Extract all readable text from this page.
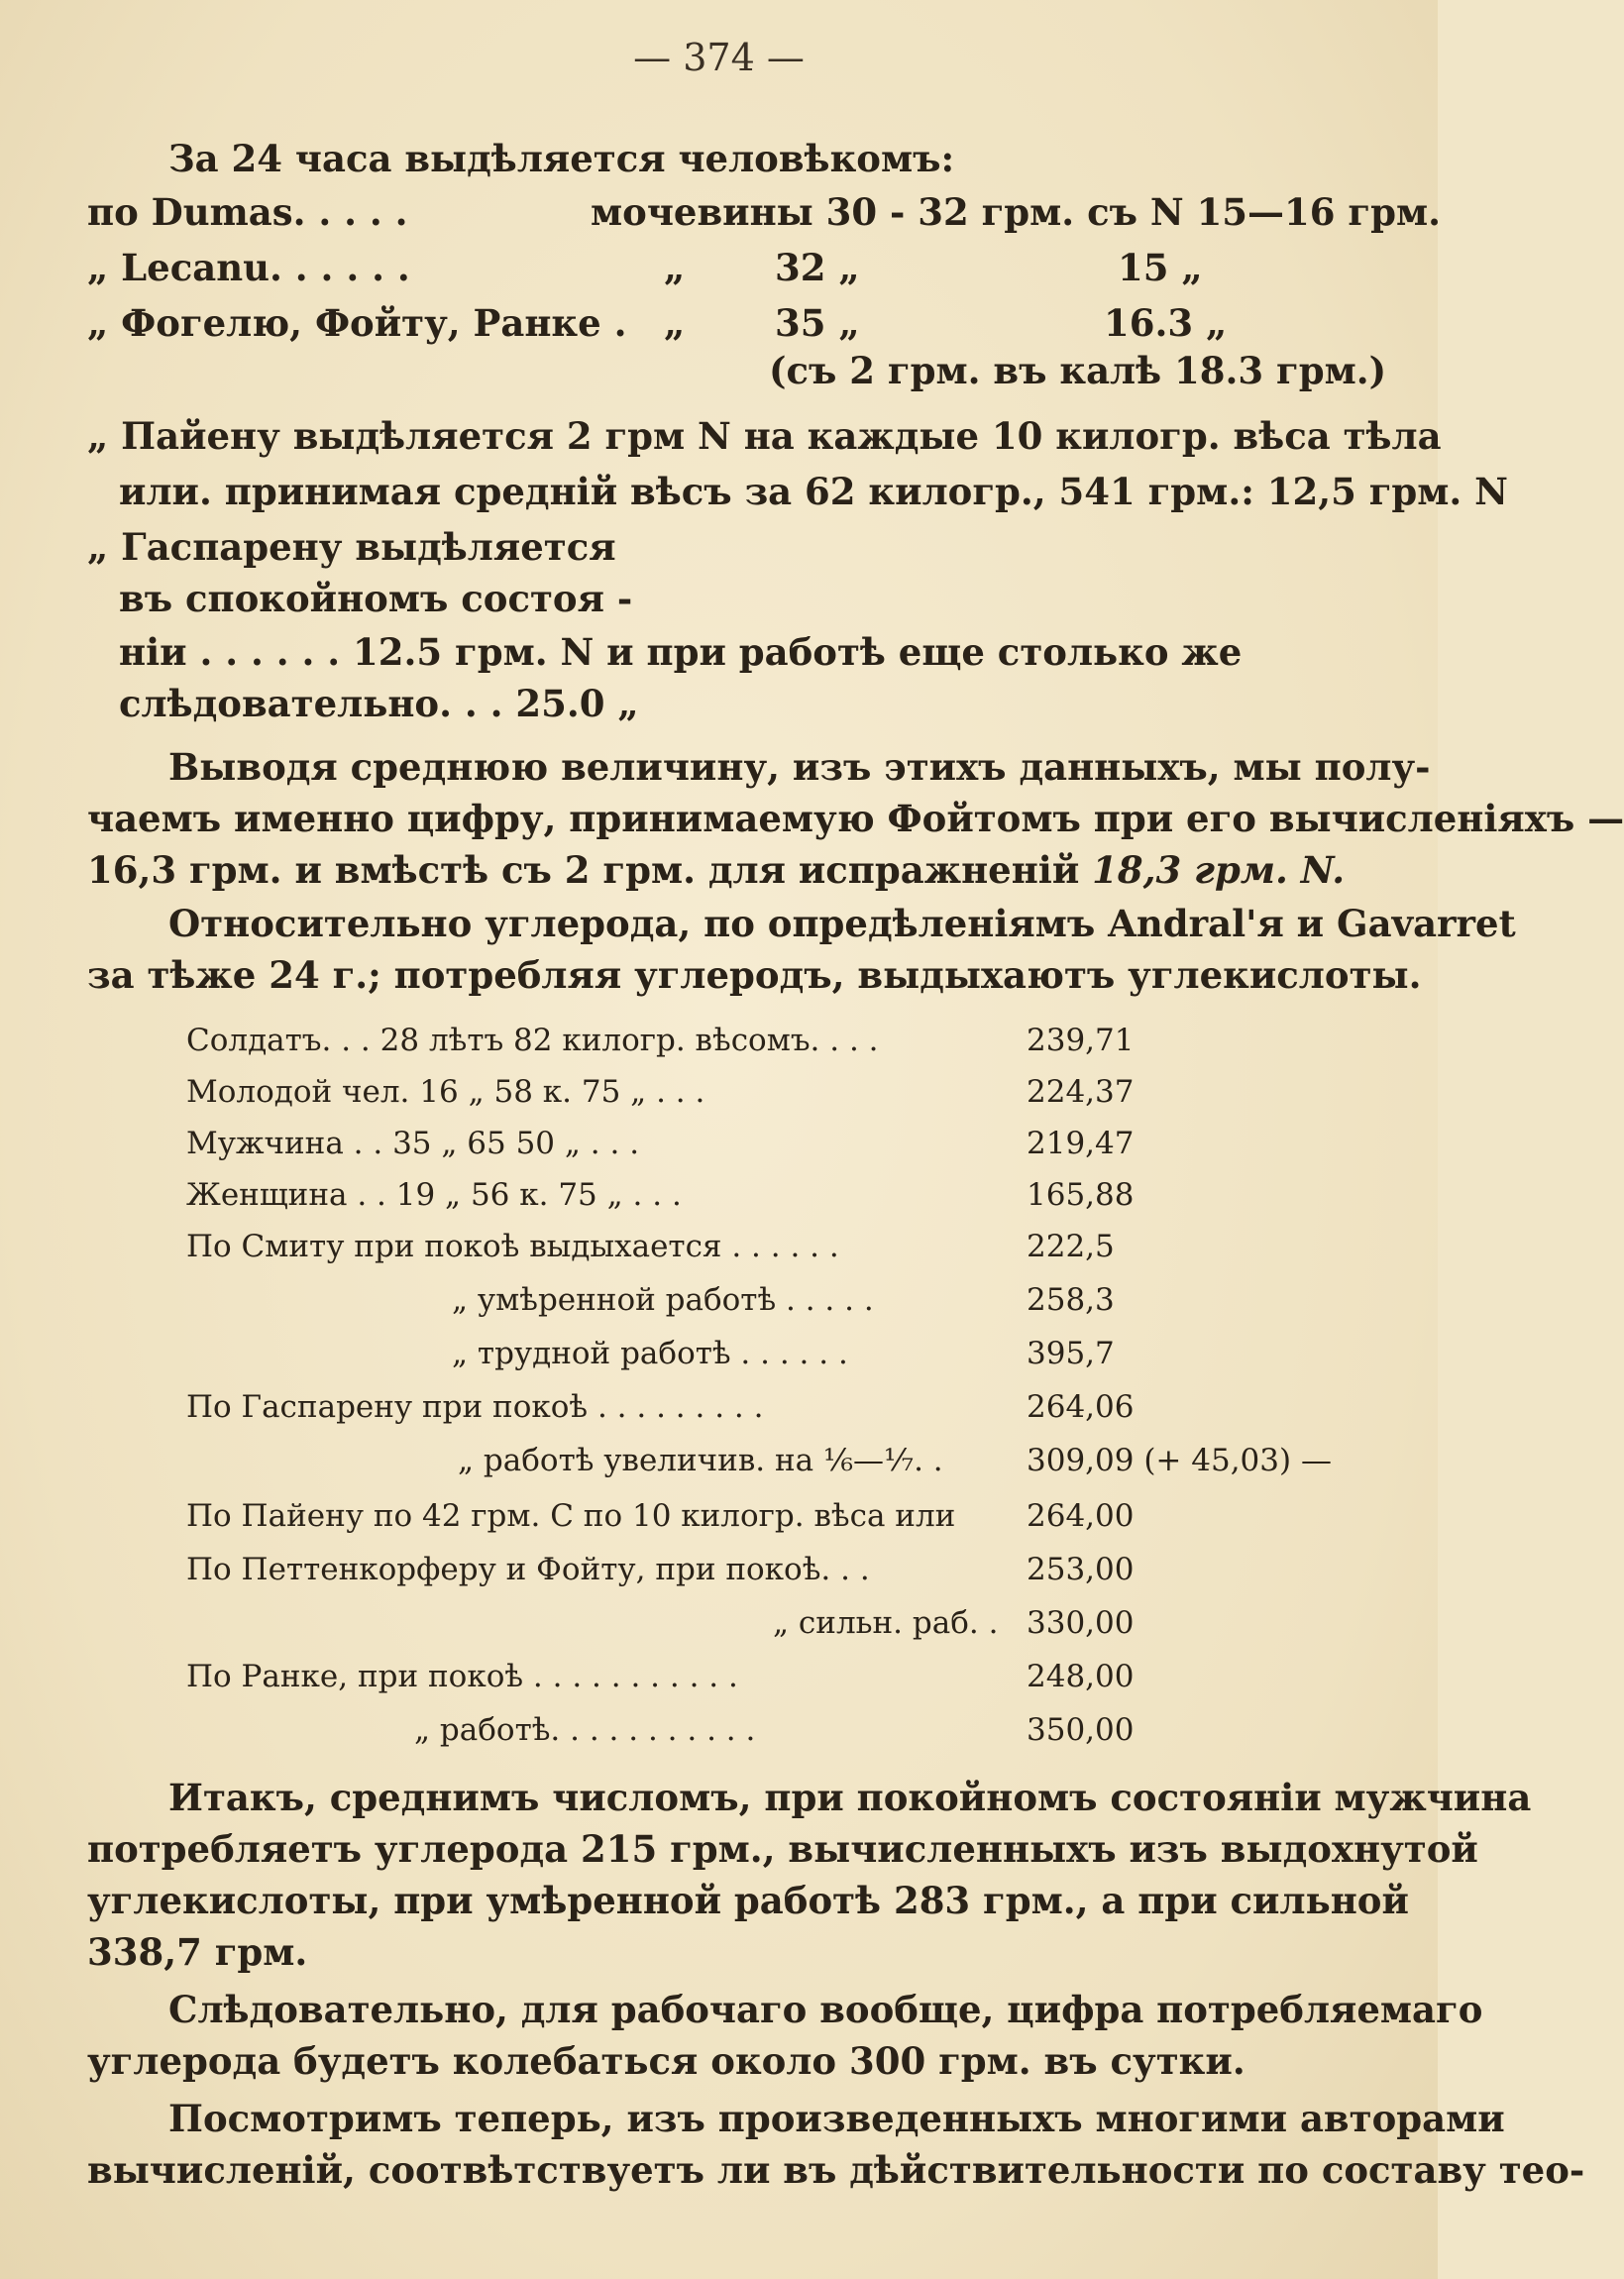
— 374 —
За 24 часа выдѣляется человѣкомъ:
по Dumas. . . . .	мочевины 30 - 32 грм. съ N 15—16 грм.
„ Lecanu. . . . . .	„ 32 „	15 „
„ Фогелю, Фойту, Ранке . „ 35 „	16.3 „
(съ 2 грм. въ калѣ 18.3 грм.)
„ Пайену выдѣляется 2 грм N на каждые 10 килогр. вѣса тѣла
или. принимая средній вѣсъ за 62 килогр., 541 грм.: 12,5 грм. N
„ Гаспарену выдѣляется
въ спокойномъ состоя -
ніи . . . . . . 12.5 грм. N и при работѣ еще столько же
слѣдовательно. . . 25.0 „
Выводя среднюю величину, изъ этихъ данныхъ, мы полу-
чаемъ именно цифру, принимаемую Фойтомъ при его вычисленіяхъ —
16,3 грм. и вмѣстѣ съ 2 грм. для испражненій 18,3 грм. N.
Относительно углерода, по опредѣленіямъ Andral'я и Gavarret
за тѣже 24 г.; потребляя углеродъ, выдыхаютъ углекислоты.
Солдатъ. . . 28 лѣтъ 82 килогр. вѣсомъ. . . .	239,71
Молодой чел. 16 „ 58 к. 75 „ . . .	224,37
Мужчина . . 35 „ 65 50 „ . . .	219,47
Женщина . . 19 „ 56 к. 75 „ . . .	165,88
По Смиту при покоѣ выдыхается . . . . . .	222,5
„ умѣренной работѣ . . . . .	258,3
„ трудной работѣ . . . . . .	395,7
По Гаспарену при покоѣ . . . . . . . . .	264,06
„ работѣ увеличив. на ⅙—⅐. .	309,09 (+ 45,03) —
По Пайену по 42 грм. С по 10 килогр. вѣса или 264,00
По Петтенкорферу и Фойту, при покоѣ. . .	253,00
„ сильн. раб. . 330,00
По Ранке, при покоѣ . . . . . . . . . . .	248,00
„ работѣ. . . . . . . . . . .	350,00
Итакъ, среднимъ числомъ, при покойномъ состояніи мужчина
потребляетъ углерода 215 грм., вычисленныхъ изъ выдохнутой
углекислоты, при умѣренной работѣ 283 грм., а при сильной
338,7 грм.
Слѣдовательно, для рабочаго вообще, цифра потребляемаго
углерода будетъ колебаться около 300 грм. въ сутки.
Посмотримъ теперь, изъ произведенныхъ многими авторами
вычисленій, соотвѣтствуетъ ли въ дѣйствительности по составу тео-
